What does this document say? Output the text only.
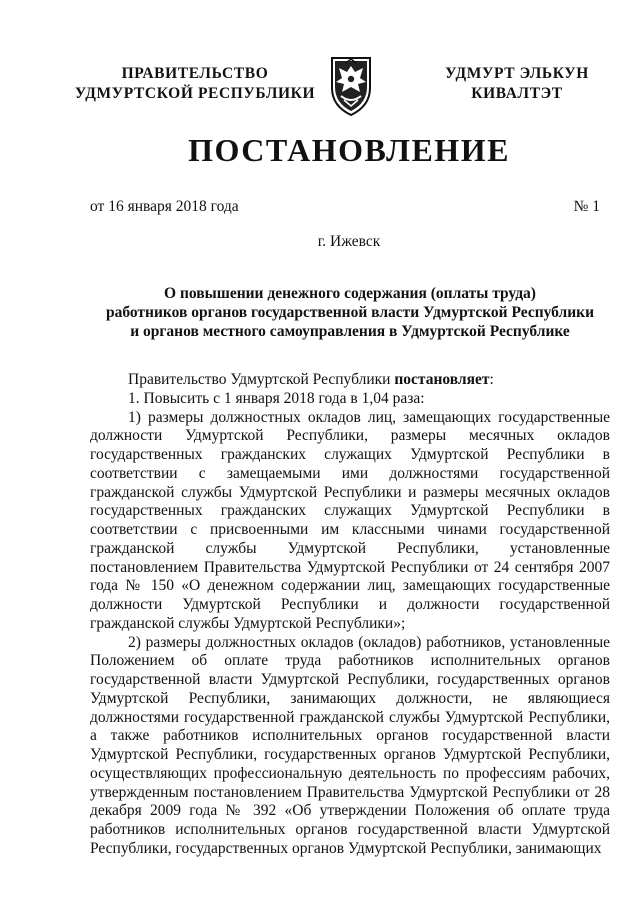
ПРАВИТЕЛЬСТВО
УДМУРТСКОЙ РЕСПУБЛИКИ
УДМУРТ ЭЛЬКУН
КИВАЛТЭТ
ПОСТАНОВЛЕНИЕ
от 16 января 2018 года	№ 1
г. Ижевск
О повышении денежного содержания (оплаты труда)
работников органов государственной власти Удмуртской Республики
и органов местного самоуправления в Удмуртской Республике
Правительство Удмуртской Республики постановляет:

1. Повысить с 1 января 2018 года в 1,04 раза:

1) размеры должностных окладов лиц, замещающих государственные должности Удмуртской Республики, размеры месячных окладов государственных гражданских служащих Удмуртской Республики в соответствии с замещаемыми ими должностями государственной гражданской службы Удмуртской Республики и размеры месячных окладов государственных гражданских служащих Удмуртской Республики в соответствии с присвоенными им классными чинами государственной гражданской службы Удмуртской Республики, установленные постановлением Правительства Удмуртской Республики от 24 сентября 2007 года № 150 «О денежном содержании лиц, замещающих государственные должности Удмуртской Республики и должности государственной гражданской службы Удмуртской Республики»;

2) размеры должностных окладов (окладов) работников, установленные Положением об оплате труда работников исполнительных органов государственной власти Удмуртской Республики, государственных органов Удмуртской Республики, занимающих должности, не являющиеся должностями государственной гражданской службы Удмуртской Республики, а также работников исполнительных органов государственной власти Удмуртской Республики, государственных органов Удмуртской Республики, осуществляющих профессиональную деятельность по профессиям рабочих, утвержденным постановлением Правительства Удмуртской Республики от 28 декабря 2009 года № 392 «Об утверждении Положения об оплате труда работников исполнительных органов государственной власти Удмуртской Республики, государственных органов Удмуртской Республики, занимающих
